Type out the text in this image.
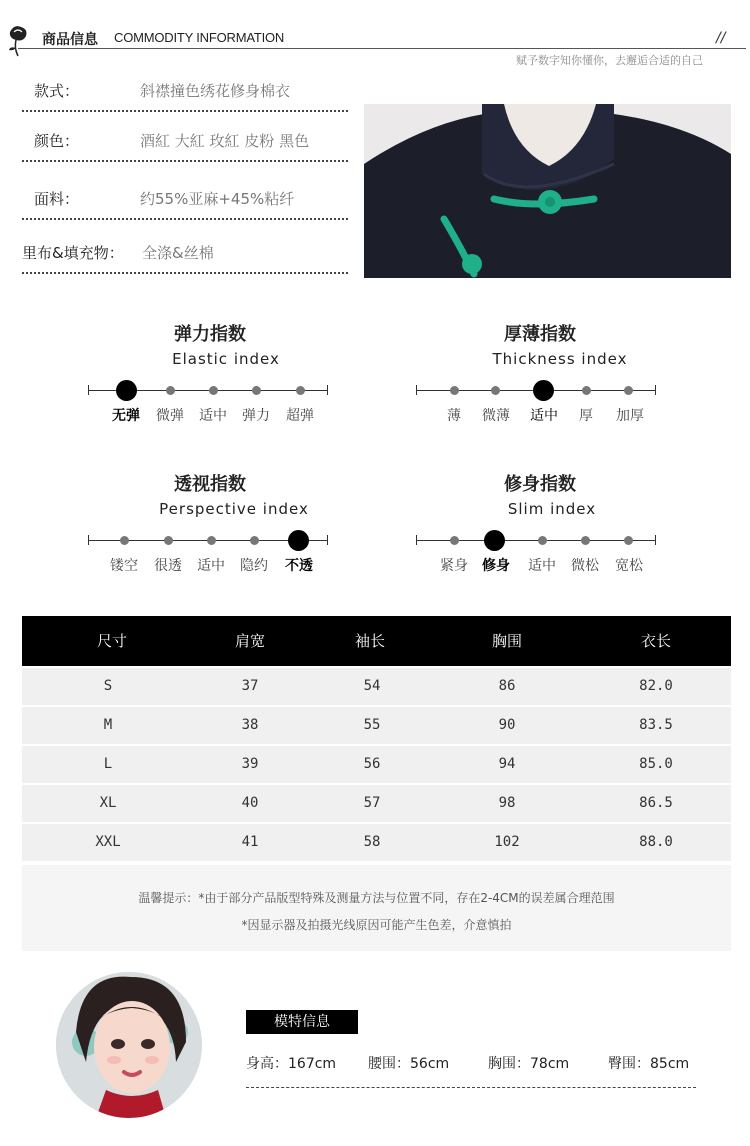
商品信息 COMMODITY INFORMATION	//
赋予数字知你懂你，去邂逅合适的自己
款式：	斜襟撞色绣花修身棉衣
颜色：	酒紅 大紅 玫紅 皮粉 黑色
面料：	约55%亚麻+45%粘纤
里布&填充物： 全涤&丝棉
弹力指数
Elastic index
无弹	微弹	适中	弹力	超弹
厚薄指数
Thickness index
薄	微薄	适中	厚	加厚
透视指数
Perspective index
镂空	很透	适中	隐约	不透
修身指数
Slim index
紧身	修身	适中	微松	宽松
尺寸	肩宽	袖长	胸围	衣长
S	37	54	86	82.0
M	38	55	90	83.5
L	39	56	94	85.0
XL	40	57	98	86.5
XXL	41	58	102	88.0
温馨提示：*由于部分产品版型特殊及测量方法与位置不同，存在2-4CM的误差属合理范围
*因显示器及拍摄光线原因可能产生色差，介意慎拍
模特信息
身高：167cm 腰围：56cm	胸围：78cm	臀围：85cm
